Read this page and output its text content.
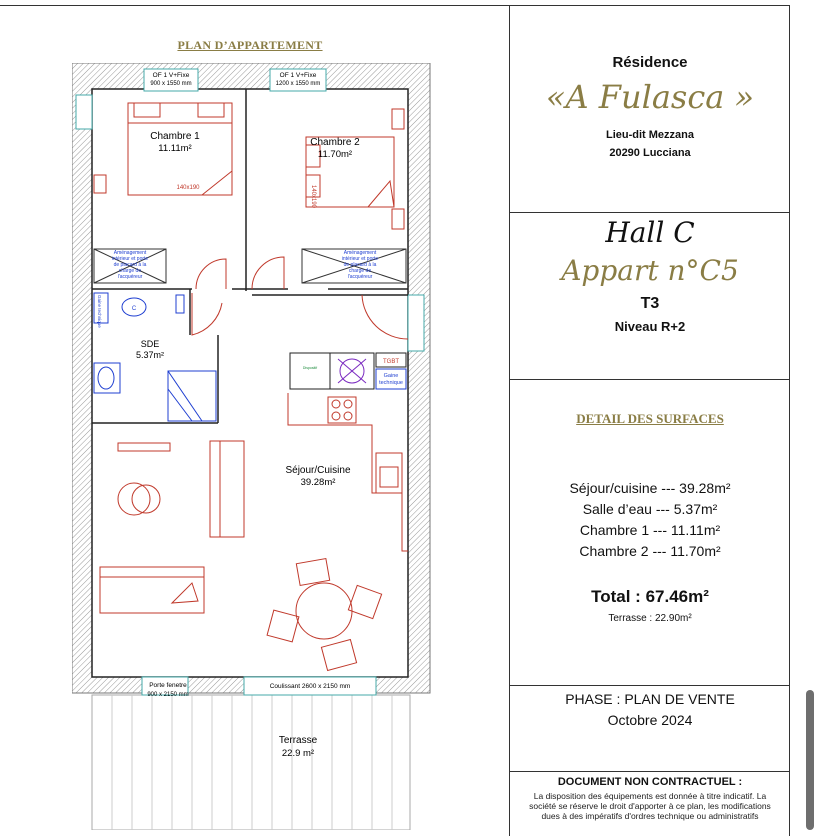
PLAN D’APPARTEMENT
OF 1 V+Fixe
900 x 1550 mm
OF 1 V+Fixe
1200 x 1550 mm
Aménagement
intérieur et porte
de placard à la
charge de
l'acquéreur
Aménagement
intérieur et porte
de placard à la
charge de
l'acquéreur
140x190	140x190
Gaine technique	C
SDE
5.37m²
Chambre 1
11.11m²
Chambre 2
11.70m²
Dispositif
TGBT
Gaine
technique
Séjour/Cuisine
39.28m²
Porte fenetre
900 x 2150 mm
Coulissant 2600 x 2150 mm
Terrasse
22.9 m²
Résidence
«A Fulasca »
Lieu-dit Mezzana
20290 Lucciana
Hall C
Appart n°C5
T3
Niveau R+2
DETAIL DES SURFACES
Séjour/cuisine --- 39.28m²
Salle d’eau --- 5.37m²
Chambre 1 --- 11.11m²
Chambre 2 --- 11.70m²
Total : 67.46m²
Terrasse : 22.90m²
PHASE : PLAN DE VENTE
Octobre 2024
DOCUMENT NON CONTRACTUEL :
La disposition des équipements est donnée à titre indicatif. La société se réserve le droit d'apporter à ce plan, les modifications dues à des impératifs d'ordres technique ou administratifs
